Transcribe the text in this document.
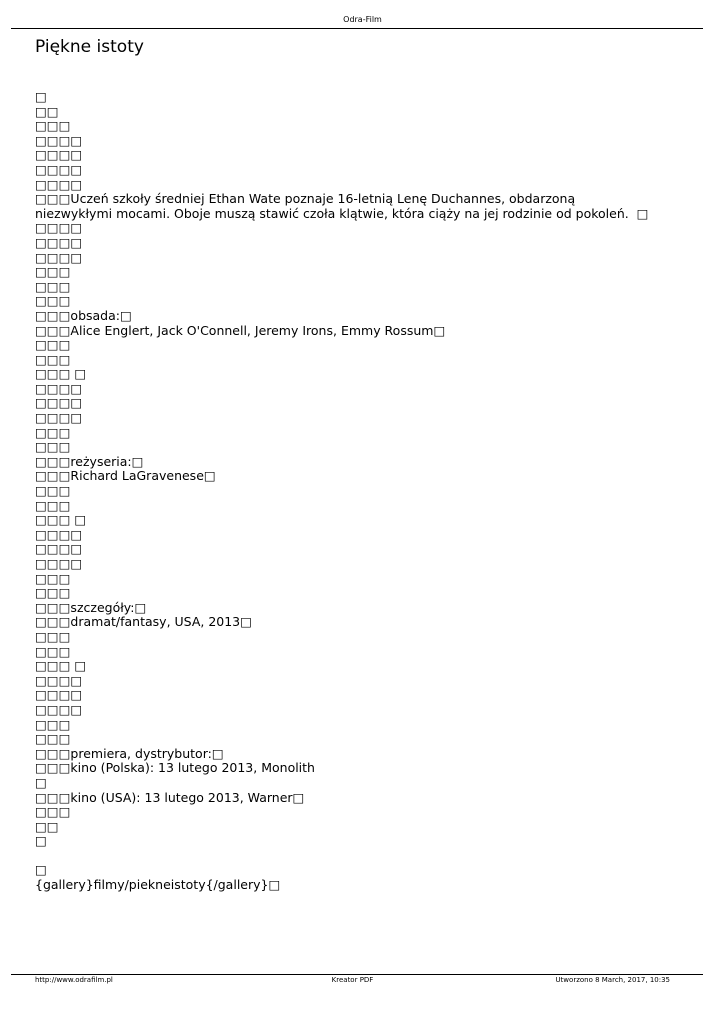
Odra-Film
Piękne istoty
□
□□
□□□
□□□□
□□□□
□□□□
□□□□
□□□Uczeń szkoły średniej Ethan Wate poznaje 16-letnią Lenę Duchannes, obdarzoną niezwykłymi mocami. Oboje muszą stawić czoła klątwie, która ciąży na jej rodzinie od pokoleń.  □
□□□□
□□□□
□□□□
□□□
□□□
□□□
□□□obsada:□
□□□Alice Englert, Jack O'Connell, Jeremy Irons, Emmy Rossum□
□□□
□□□
□□□ □
□□□□
□□□□
□□□□
□□□
□□□
□□□reżyseria:□
□□□Richard LaGravenese□
□□□
□□□
□□□ □
□□□□
□□□□
□□□□
□□□
□□□
□□□szczegóły:□
□□□dramat/fantasy, USA, 2013□
□□□
□□□
□□□ □
□□□□
□□□□
□□□□
□□□
□□□
□□□premiera, dystrybutor:□
□□□kino (Polska): 13 lutego 2013, Monolith
□
□□□kino (USA): 13 lutego 2013, Warner□
□□□
□□
□
□
{gallery}filmy/piekneistoty{/gallery}□
http://www.odrafilm.pl	Kreator PDF	Utworzono 8 March, 2017, 10:35
